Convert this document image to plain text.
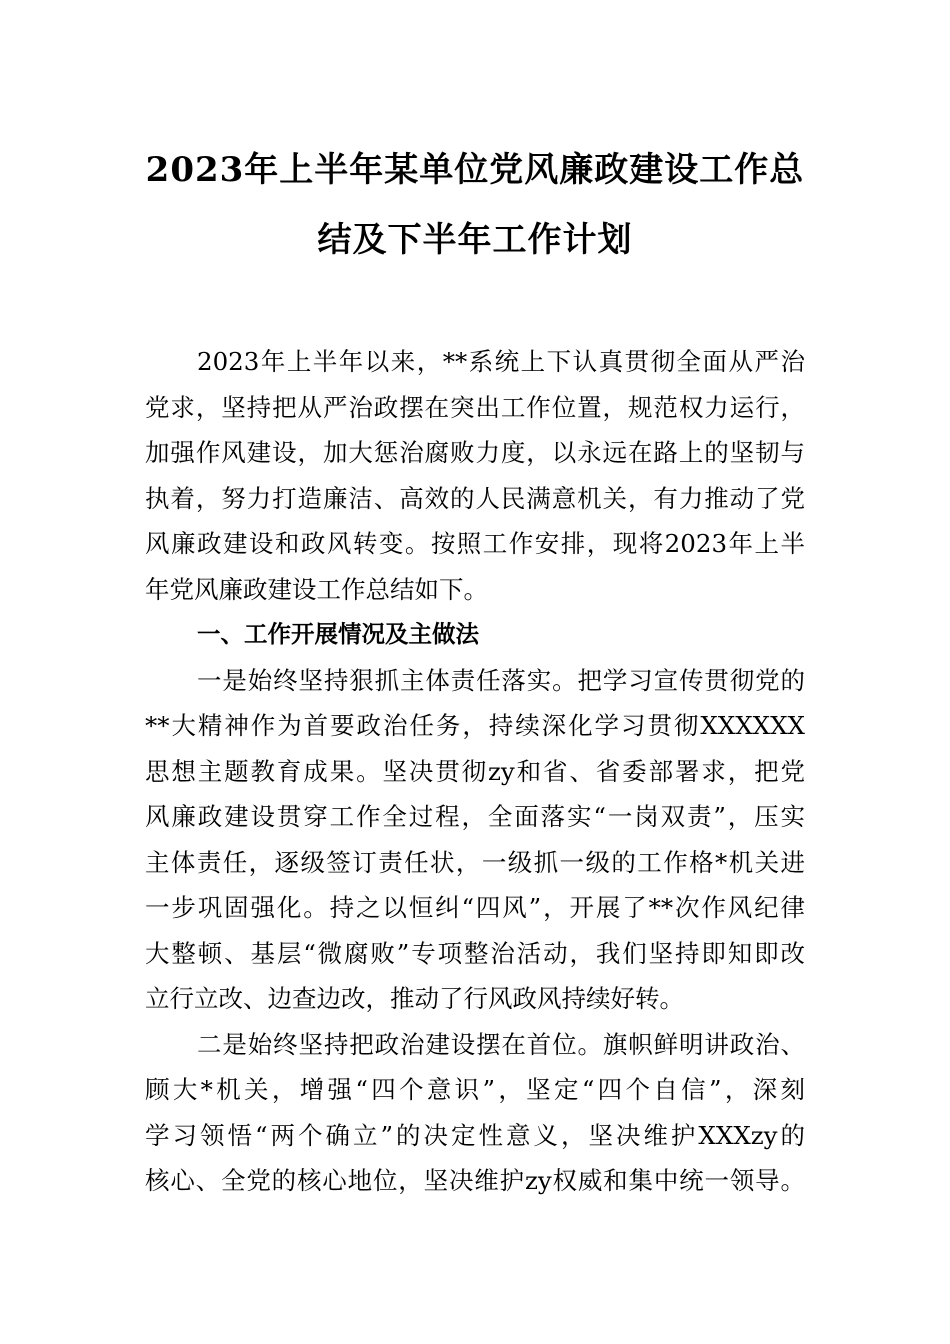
2023年上半年某单位党风廉政建设工作总
结及下半年工作计划
2023年上半年以来，**系统上下认真贯彻全面从严治
党求，坚持把从严治政摆在突出工作位置，规范权力运行，
加强作风建设，加大惩治腐败力度，以永远在路上的坚韧与
执着，努力打造廉洁、高效的人民满意机关，有力推动了党
风廉政建设和政风转变。按照工作安排，现将2023年上半
年党风廉政建设工作总结如下。
一、工作开展情况及主做法
一是始终坚持狠抓主体责任落实。把学习宣传贯彻党的
**大精神作为首要政治任务，持续深化学习贯彻XXXXXX
思想主题教育成果。坚决贯彻zy和省、省委部署求，把党
风廉政建设贯穿工作全过程，全面落实“一岗双责”，压实
主体责任，逐级签订责任状，一级抓一级的工作格*机关进
一步巩固强化。持之以恒纠“四风”，开展了**次作风纪律
大整顿、基层“微腐败”专项整治活动，我们坚持即知即改
立行立改、边查边改，推动了行风政风持续好转。
二是始终坚持把政治建设摆在首位。旗帜鲜明讲政治、
顾大*机关，增强“四个意识”，坚定“四个自信”，深刻
学习领悟“两个确立”的决定性意义，坚决维护XXXzy的
核心、全党的核心地位，坚决维护zy权威和集中统一领导。
